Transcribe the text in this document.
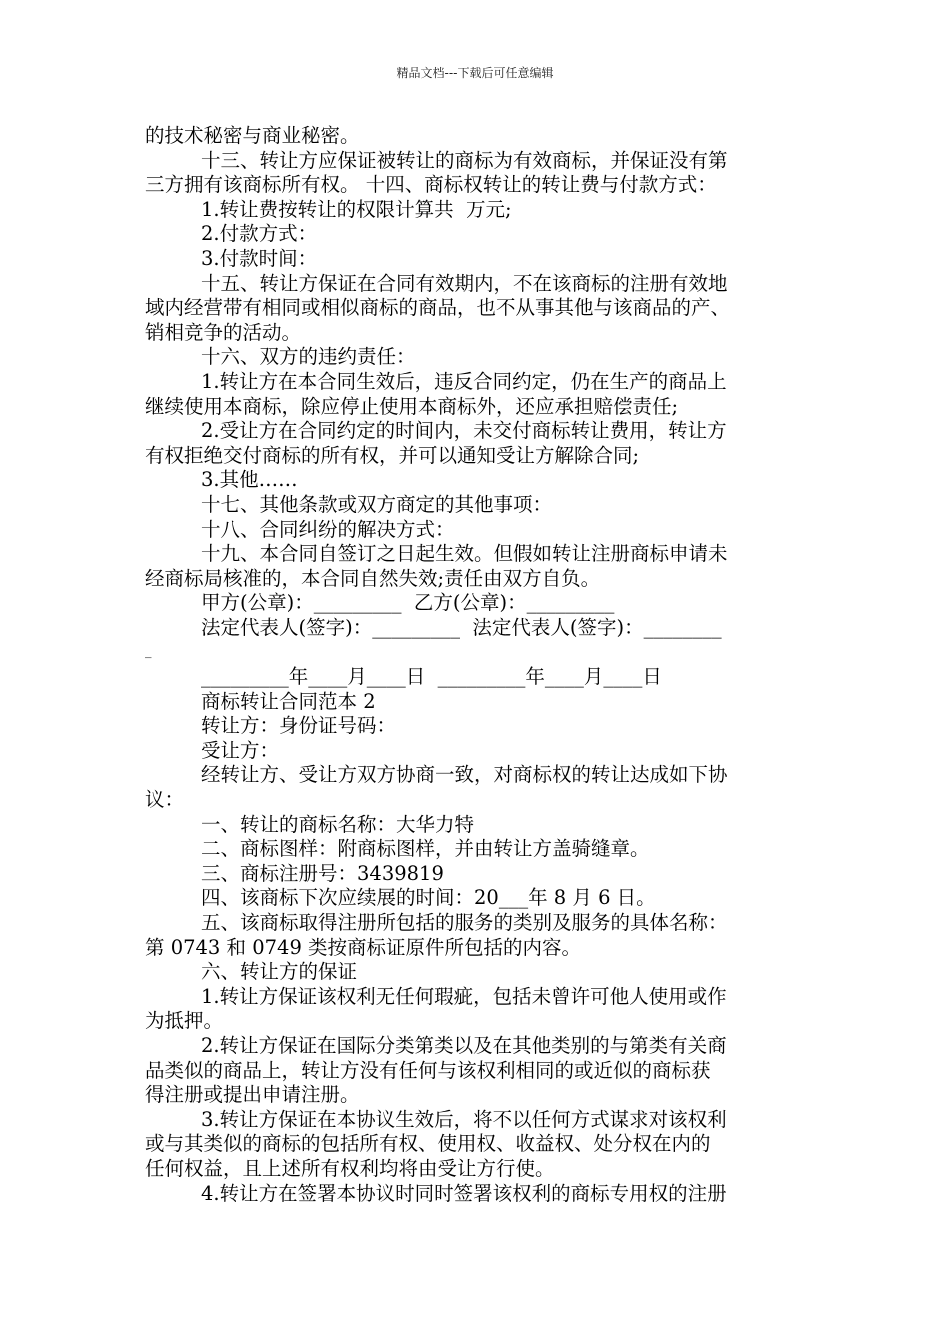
精品文档---下载后可任意编辑
的技术秘密与商业秘密。
十三、转让方应保证被转让的商标为有效商标，并保证没有第
三方拥有该商标所有权。 十四、商标权转让的转让费与付款方式：
1.转让费按转让的权限计算共  万元;
2.付款方式：
3.付款时间：
十五、转让方保证在合同有效期内，不在该商标的注册有效地
域内经营带有相同或相似商标的商品，也不从事其他与该商品的产、
销相竞争的活动。
十六、双方的违约责任：
1.转让方在本合同生效后，违反合同约定，仍在生产的商品上
继续使用本商标，除应停止使用本商标外，还应承担赔偿责任;
2.受让方在合同约定的时间内，未交付商标转让费用，转让方
有权拒绝交付商标的所有权，并可以通知受让方解除合同;
3.其他……
十七、其他条款或双方商定的其他事项：
十八、合同纠纷的解决方式：
十九、本合同自签订之日起生效。但假如转让注册商标申请未
经商标局核准的，本合同自然失效;责任由双方自负。
甲方(公章)：_________  乙方(公章)：_________
法定代表人(签字)：_________  法定代表人(签字)：________
_
_________年____月____日  _________年____月____日
商标转让合同范本 2
转让方：身份证号码：
受让方：
经转让方、受让方双方协商一致，对商标权的转让达成如下协
议：
一、转让的商标名称：大华力特
二、商标图样：附商标图样，并由转让方盖骑缝章。
三、商标注册号：3439819
四、该商标下次应续展的时间：20___年 8 月 6 日。
五、该商标取得注册所包括的服务的类别及服务的具体名称：
第 0743 和 0749 类按商标证原件所包括的内容。
六、转让方的保证
1.转让方保证该权利无任何瑕疵，包括未曾许可他人使用或作
为抵押。
2.转让方保证在国际分类第类以及在其他类别的与第类有关商
品类似的商品上，转让方没有任何与该权利相同的或近似的商标获
得注册或提出申请注册。
3.转让方保证在本协议生效后，将不以任何方式谋求对该权利
或与其类似的商标的包括所有权、使用权、收益权、处分权在内的
任何权益，且上述所有权利均将由受让方行使。
4.转让方在签署本协议时同时签署该权利的商标专用权的注册
